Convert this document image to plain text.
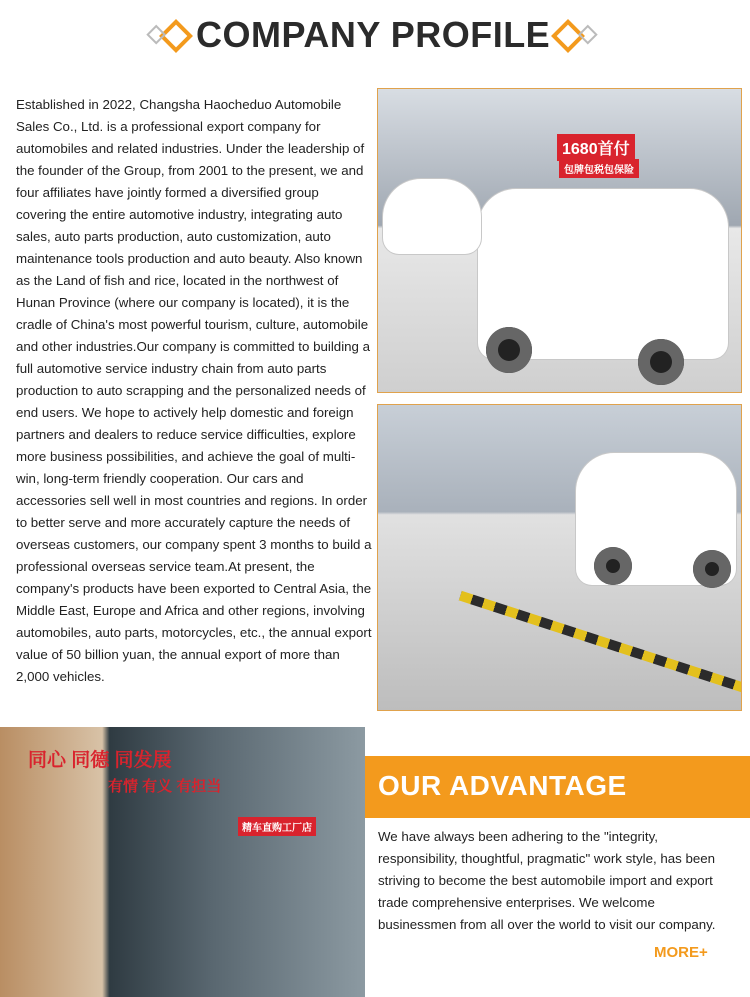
COMPANY PROFILE
Established in 2022, Changsha Haocheduo Automobile Sales Co., Ltd. is a professional export company for automobiles and related industries. Under the leadership of the founder of the Group, from 2001 to the present, we and four affiliates have jointly formed a diversified group covering the entire automotive industry, integrating auto sales, auto parts production, auto customization, auto maintenance tools production and auto beauty. Also known as the Land of fish and rice, located in the northwest of Hunan Province (where our company is located), it is the cradle of China's most powerful tourism, culture, automobile and other industries.Our company is committed to building a full automotive service industry chain from auto parts production to auto scrapping and the personalized needs of end users. We hope to actively help domestic and foreign partners and dealers to reduce service difficulties, explore more business possibilities, and achieve the goal of multi-win, long-term friendly cooperation. Our cars and accessories sell well in most countries and regions. In order to better serve and more accurately capture the needs of overseas customers, our company spent 3 months to build a professional overseas service team.At present, the company's products have been exported to Central Asia, the Middle East, Europe and Africa and other regions, involving automobiles, auto parts, motorcycles, etc., the annual export value of 50 billion yuan, the annual export of more than 2,000 vehicles.
1680首付
包牌包税包保险
同心 同德 同发展
有情 有义 有担当
精车直购工厂店
OUR ADVANTAGE
We have always been adhering to the "integrity, responsibility, thoughtful, pragmatic" work style, has been striving to become the best automobile import and export trade comprehensive enterprises. We welcome businessmen from all over the world to visit our company.
MORE+
